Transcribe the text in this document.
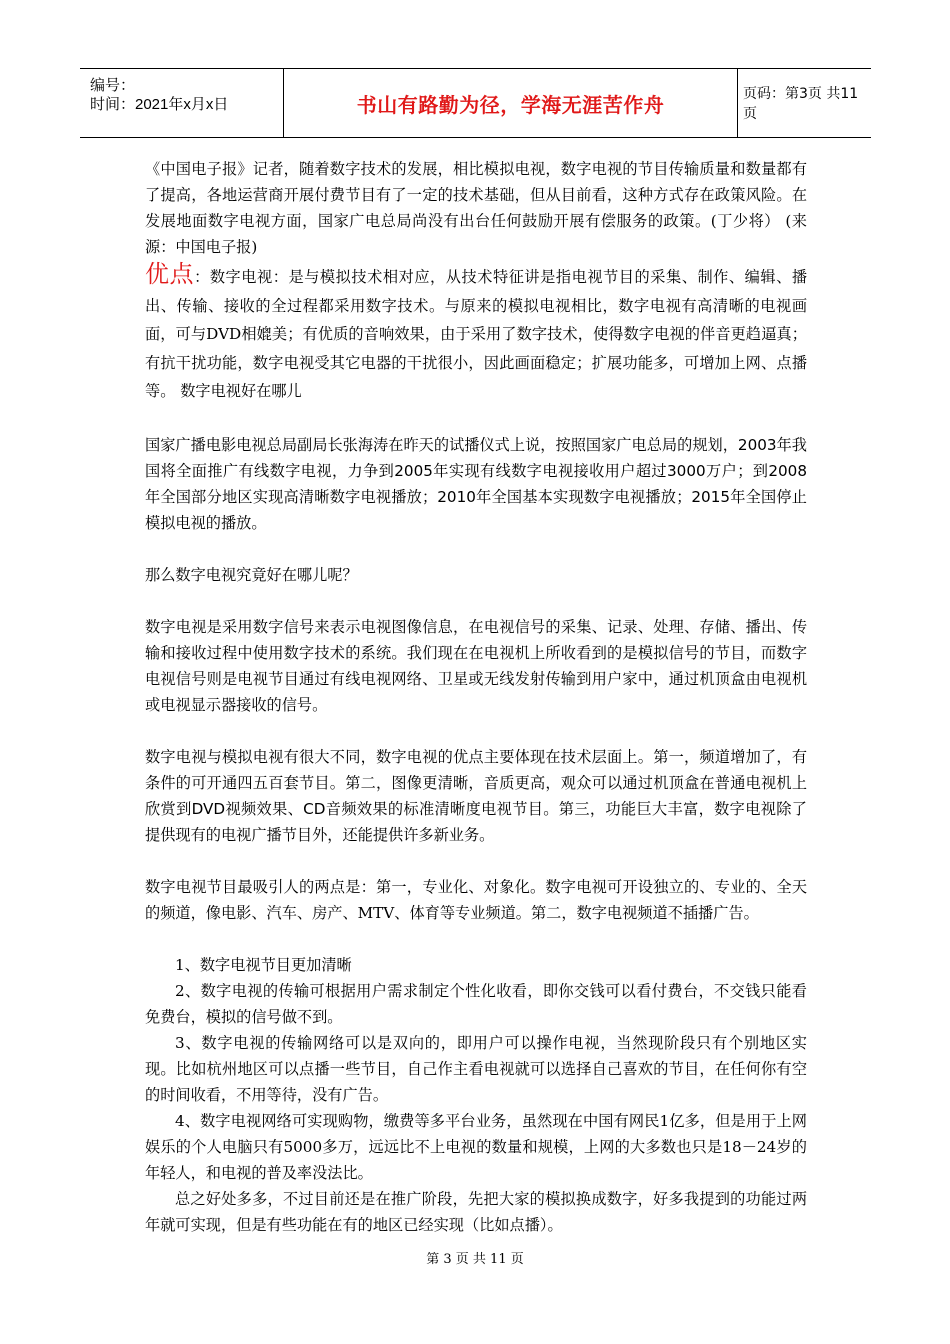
编号：
时间：2021年x月x日	书山有路勤为径，学海无涯苦作舟	页码：第3页 共11页

《中国电子报》记者，随着数字技术的发展，相比模拟电视，数字电视的节目传输质量和数量都有了提高，各地运营商开展付费节目有了一定的技术基础，但从目前看，这种方式存在政策风险。在发展地面数字电视方面，国家广电总局尚没有出台任何鼓励开展有偿服务的政策。(丁少将） (来源：中国电子报)

优点：数字电视：是与模拟技术相对应，从技术特征讲是指电视节目的采集、制作、编辑、播出、传输、接收的全过程都采用数字技术。与原来的模拟电视相比，数字电视有高清晰的电视画面，可与DVD相媲美；有优质的音响效果，由于采用了数字技术，使得数字电视的伴音更趋逼真；有抗干扰功能，数字电视受其它电器的干扰很小，因此画面稳定；扩展功能多，可增加上网、点播等。 数字电视好在哪儿

国家广播电影电视总局副局长张海涛在昨天的试播仪式上说，按照国家广电总局的规划，2003年我国将全面推广有线数字电视，力争到2005年实现有线数字电视接收用户超过3000万户；到2008年全国部分地区实现高清晰数字电视播放；2010年全国基本实现数字电视播放；2015年全国停止模拟电视的播放。

那么数字电视究竟好在哪儿呢？

数字电视是采用数字信号来表示电视图像信息，在电视信号的采集、记录、处理、存储、播出、传输和接收过程中使用数字技术的系统。我们现在在电视机上所收看到的是模拟信号的节目，而数字电视信号则是电视节目通过有线电视网络、卫星或无线发射传输到用户家中，通过机顶盒由电视机或电视显示器接收的信号。

数字电视与模拟电视有很大不同，数字电视的优点主要体现在技术层面上。第一，频道增加了，有条件的可开通四五百套节目。第二，图像更清晰，音质更高，观众可以通过机顶盒在普通电视机上欣赏到DVD视频效果、CD音频效果的标准清晰度电视节目。第三，功能巨大丰富，数字电视除了提供现有的电视广播节目外，还能提供许多新业务。

数字电视节目最吸引人的两点是：第一，专业化、对象化。数字电视可开设独立的、专业的、全天的频道，像电影、汽车、房产、MTV、体育等专业频道。第二，数字电视频道不插播广告。

1、数字电视节目更加清晰

2、数字电视的传输可根据用户需求制定个性化收看，即你交钱可以看付费台，不交钱只能看免费台，模拟的信号做不到。

3、数字电视的传输网络可以是双向的，即用户可以操作电视，当然现阶段只有个别地区实现。比如杭州地区可以点播一些节目，自己作主看电视就可以选择自己喜欢的节目，在任何你有空的时间收看，不用等待，没有广告。

4、数字电视网络可实现购物，缴费等多平台业务，虽然现在中国有网民1亿多，但是用于上网娱乐的个人电脑只有5000多万，远远比不上电视的数量和规模，上网的大多数也只是18－24岁的年轻人，和电视的普及率没法比。

总之好处多多，不过目前还是在推广阶段，先把大家的模拟换成数字，好多我提到的功能过两年就可实现，但是有些功能在有的地区已经实现（比如点播）。

第 3 页 共 11 页
